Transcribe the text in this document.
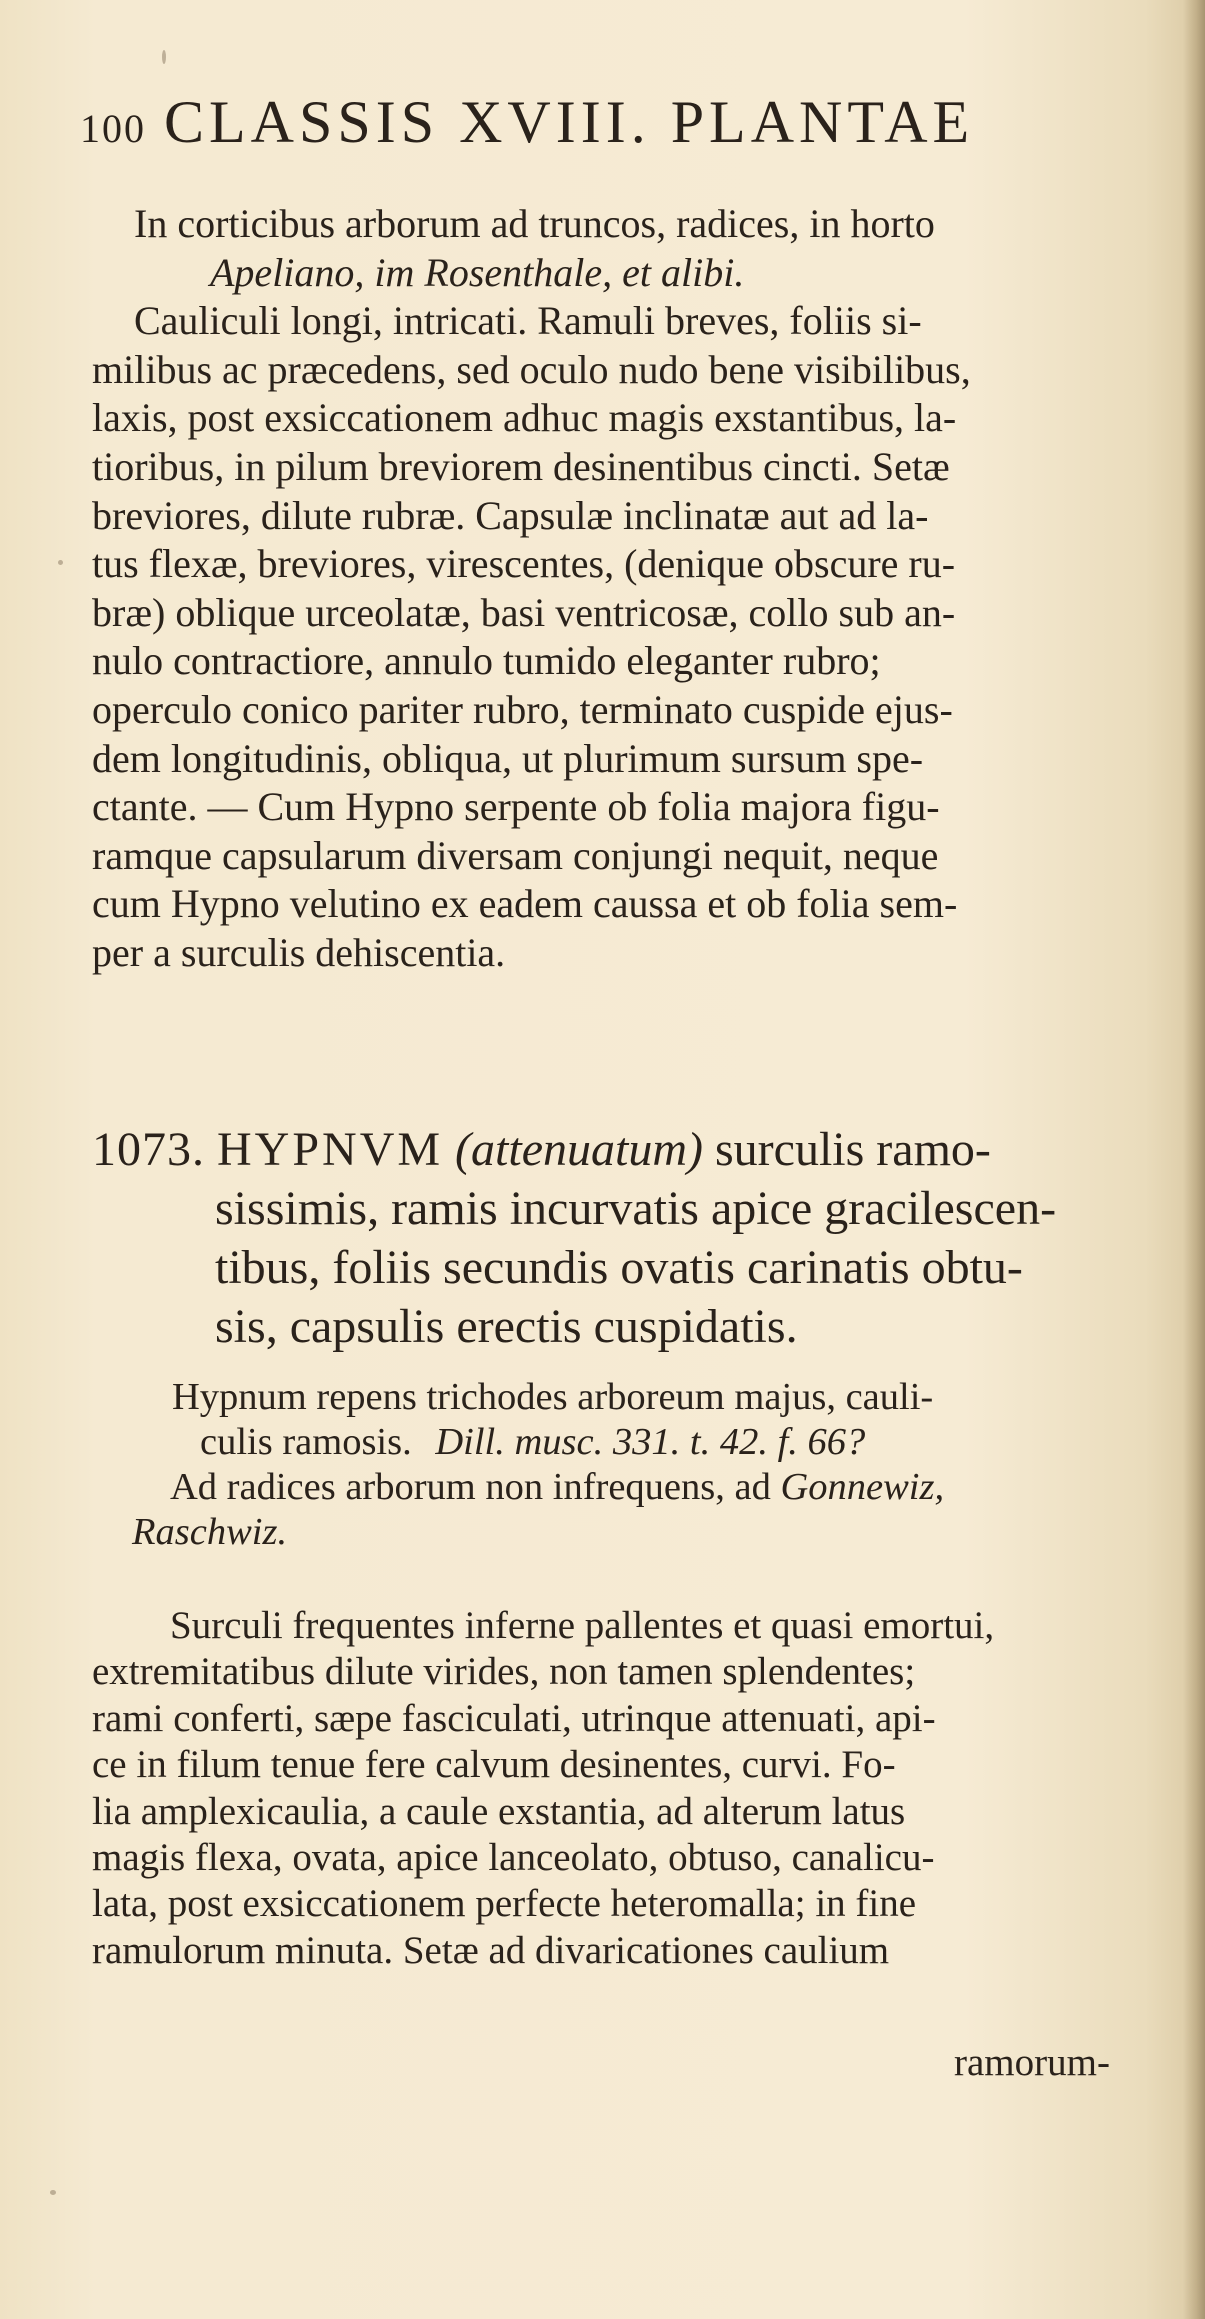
100 CLASSIS XVIII. PLANTAE
In corticibus arborum ad truncos, radices, in horto
Apeliano, im Rosenthale, et alibi.
Cauliculi longi, intricati. Ramuli breves, foliis si-
milibus ac præcedens, sed oculo nudo bene visibilibus,
laxis, post exsiccationem adhuc magis exstantibus, la-
tioribus, in pilum breviorem desinentibus cincti. Setæ
breviores, dilute rubræ. Capsulæ inclinatæ aut ad la-
tus flexæ, breviores, virescentes, (denique obscure ru-
bræ) oblique urceolatæ, basi ventricosæ, collo sub an-
nulo contractiore, annulo tumido eleganter rubro;
operculo conico pariter rubro, terminato cuspide ejus-
dem longitudinis, obliqua, ut plurimum sursum spe-
ctante. — Cum Hypno serpente ob folia majora figu-
ramque capsularum diversam conjungi nequit, neque
cum Hypno velutino ex eadem caussa et ob folia sem-
per a surculis dehiscentia.
1073. HYPNVM (attenuatum) surculis ramo-
sissimis, ramis incurvatis apice gracilescen-
tibus, foliis secundis ovatis carinatis obtu-
sis, capsulis erectis cuspidatis.
Hypnum repens trichodes arboreum majus, cauli-
culis ramosis. Dill. musc. 331. t. 42. f. 66?
Ad radices arborum non infrequens, ad Gonnewiz,
Raschwiz.
Surculi frequentes inferne pallentes et quasi emortui,
extremitatibus dilute virides, non tamen splendentes;
rami conferti, sæpe fasciculati, utrinque attenuati, api-
ce in filum tenue fere calvum desinentes, curvi. Fo-
lia amplexicaulia, a caule exstantia, ad alterum latus
magis flexa, ovata, apice lanceolato, obtuso, canalicu-
lata, post exsiccationem perfecte heteromalla; in fine
ramulorum minuta. Setæ ad divaricationes caulium
ramorum-
